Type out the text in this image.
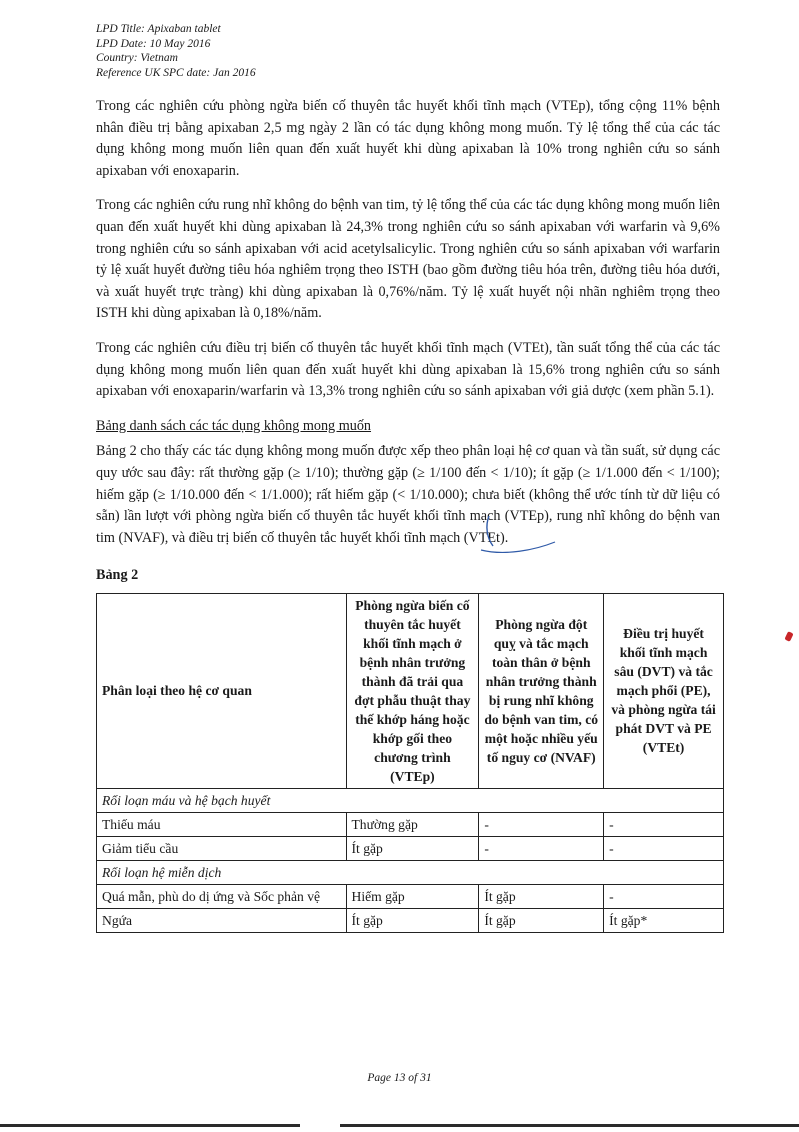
LPD Title: Apixaban tablet
LPD Date: 10 May 2016
Country: Vietnam
Reference UK SPC date: Jan 2016

Trong các nghiên cứu phòng ngừa biến cố thuyên tắc huyết khối tĩnh mạch (VTEp), tổng cộng 11% bệnh nhân điều trị bằng apixaban 2,5 mg ngày 2 lần có tác dụng không mong muốn. Tỷ lệ tổng thể của các tác dụng không mong muốn liên quan đến xuất huyết khi dùng apixaban là 10% trong nghiên cứu so sánh apixaban với enoxaparin.

Trong các nghiên cứu rung nhĩ không do bệnh van tim, tỷ lệ tổng thể của các tác dụng không mong muốn liên quan đến xuất huyết khi dùng apixaban là 24,3% trong nghiên cứu so sánh apixaban với warfarin và 9,6% trong nghiên cứu so sánh apixaban với acid acetylsalicylic. Trong nghiên cứu so sánh apixaban với warfarin tỷ lệ xuất huyết đường tiêu hóa nghiêm trọng theo ISTH (bao gồm đường tiêu hóa trên, đường tiêu hóa dưới, và xuất huyết trực tràng) khi dùng apixaban là 0,76%/năm. Tỷ lệ xuất huyết nội nhãn nghiêm trọng theo ISTH khi dùng apixaban là 0,18%/năm.

Trong các nghiên cứu điều trị biến cố thuyên tắc huyết khối tĩnh mạch (VTEt), tần suất tổng thể của các tác dụng không mong muốn liên quan đến xuất huyết khi dùng apixaban là 15,6% trong nghiên cứu so sánh apixaban với enoxaparin/warfarin và 13,3% trong nghiên cứu so sánh apixaban với giả dược (xem phần 5.1).

Bảng danh sách các tác dụng không mong muốn

Bảng 2 cho thấy các tác dụng không mong muốn được xếp theo phân loại hệ cơ quan và tần suất, sử dụng các quy ước sau đây: rất thường gặp (≥ 1/10); thường gặp (≥ 1/100 đến < 1/10); ít gặp (≥ 1/1.000 đến < 1/100); hiếm gặp (≥ 1/10.000 đến < 1/1.000); rất hiếm gặp (< 1/10.000); chưa biết (không thể ước tính từ dữ liệu có sẵn) lần lượt với phòng ngừa biến cố thuyên tắc huyết khối tĩnh mạch (VTEp), rung nhĩ không do bệnh van tim (NVAF), và điều trị biến cố thuyên tắc huyết khối tĩnh mạch (VTEt).

Bảng 2
Phân loại theo hệ cơ quan	Phòng ngừa biến cố thuyên tắc huyết khối tĩnh mạch ở bệnh nhân trưởng thành đã trải qua đợt phẫu thuật thay thế khớp háng hoặc khớp gối theo chương trình (VTEp)	Phòng ngừa đột quỵ và tắc mạch toàn thân ở bệnh nhân trưởng thành bị rung nhĩ không do bệnh van tim, có một hoặc nhiều yếu tố nguy cơ (NVAF)	Điều trị huyết khối tĩnh mạch sâu (DVT) và tắc mạch phổi (PE), và phòng ngừa tái phát DVT và PE (VTEt)
Rối loạn máu và hệ bạch huyết			
Thiếu máu	Thường gặp	-	-
Giảm tiểu cầu	Ít gặp	-	-
Rối loạn hệ miễn dịch			
Quá mẫn, phù do dị ứng và Sốc phản vệ	Hiếm gặp	Ít gặp	-
Ngứa	Ít gặp	Ít gặp	Ít gặp*
Page 13 of 31
